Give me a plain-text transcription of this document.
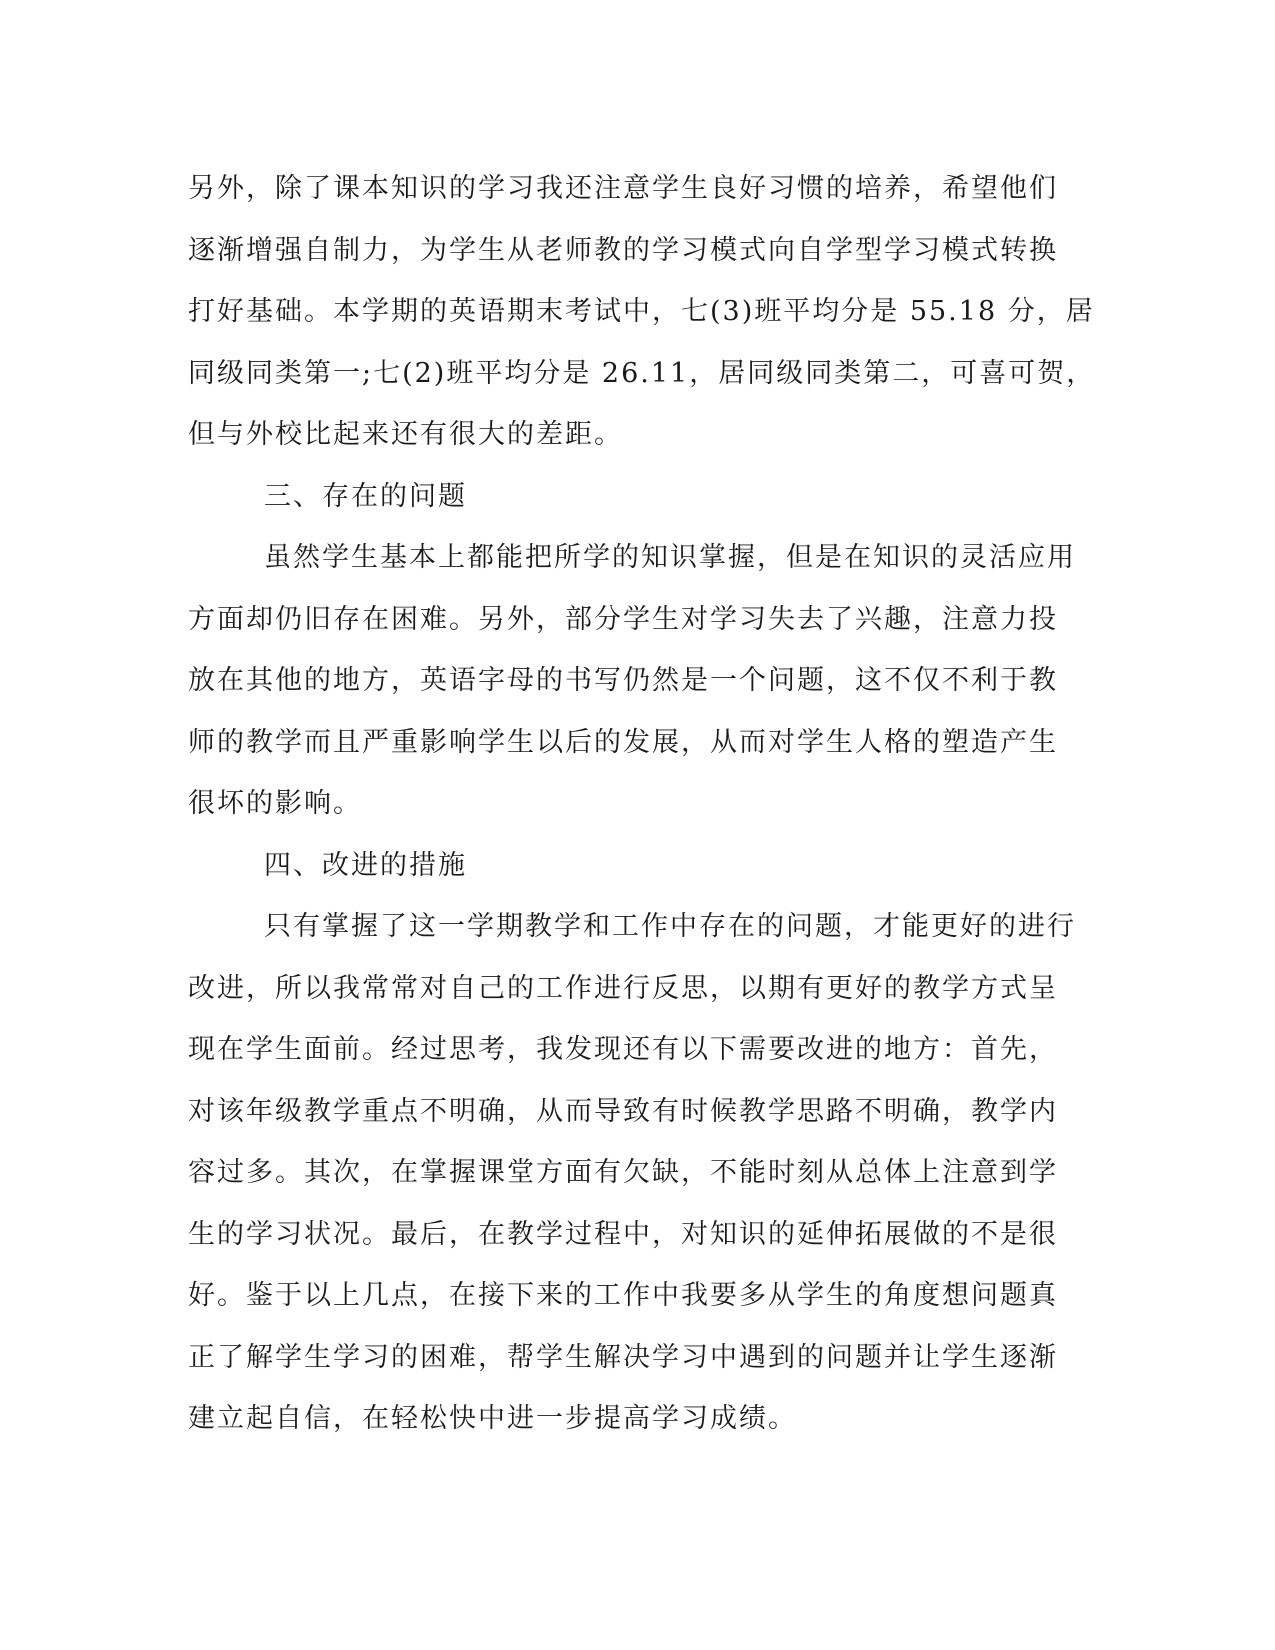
另外，除了课本知识的学习我还注意学生良好习惯的培养，希望他们
逐渐增强自制力，为学生从老师教的学习模式向自学型学习模式转换
打好基础。本学期的英语期末考试中，七(3)班平均分是 55.18 分，居
同级同类第一;七(2)班平均分是 26.11，居同级同类第二，可喜可贺，
但与外校比起来还有很大的差距。
三、存在的问题
虽然学生基本上都能把所学的知识掌握，但是在知识的灵活应用
方面却仍旧存在困难。另外，部分学生对学习失去了兴趣，注意力投
放在其他的地方，英语字母的书写仍然是一个问题，这不仅不利于教
师的教学而且严重影响学生以后的发展，从而对学生人格的塑造产生
很坏的影响。
四、改进的措施
只有掌握了这一学期教学和工作中存在的问题，才能更好的进行
改进，所以我常常对自己的工作进行反思，以期有更好的教学方式呈
现在学生面前。经过思考，我发现还有以下需要改进的地方：首先，
对该年级教学重点不明确，从而导致有时候教学思路不明确，教学内
容过多。其次，在掌握课堂方面有欠缺，不能时刻从总体上注意到学
生的学习状况。最后，在教学过程中，对知识的延伸拓展做的不是很
好。鉴于以上几点，在接下来的工作中我要多从学生的角度想问题真
正了解学生学习的困难，帮学生解决学习中遇到的问题并让学生逐渐
建立起自信，在轻松快中进一步提高学习成绩。
